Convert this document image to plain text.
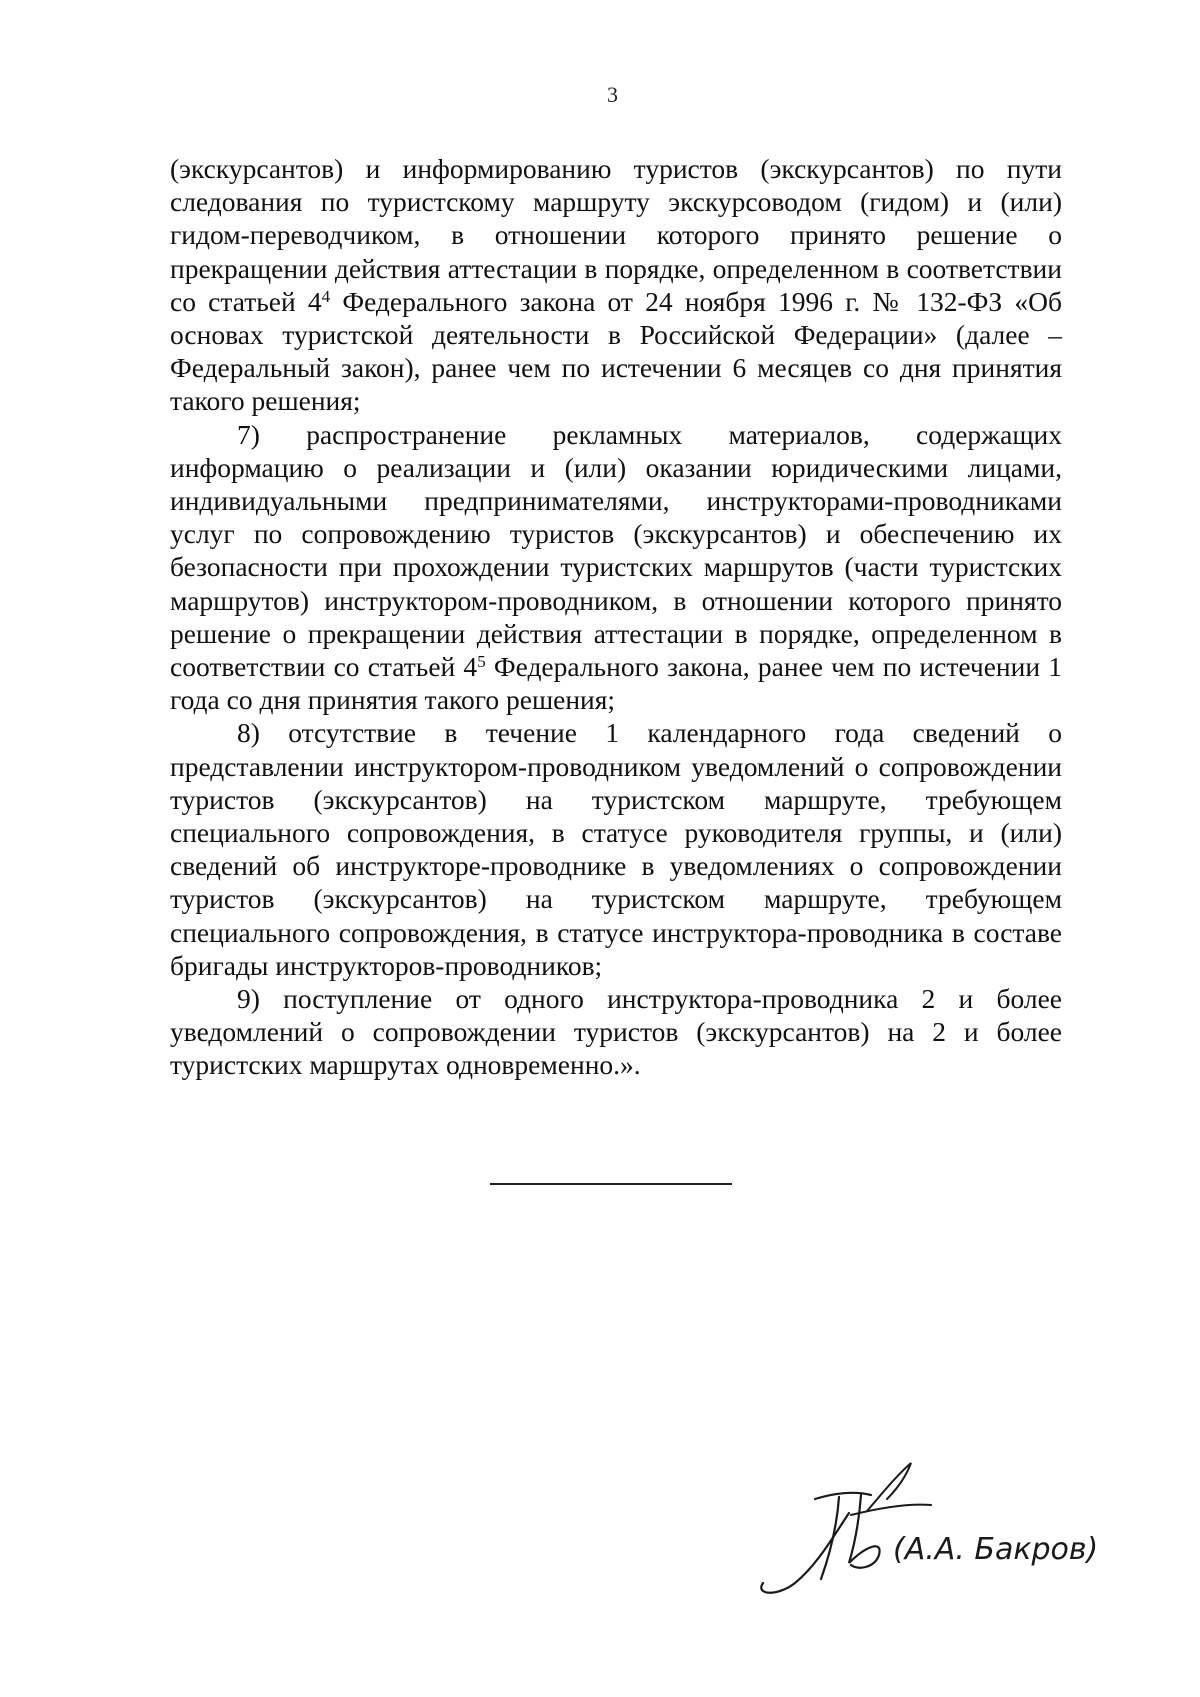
3

(экскурсантов) и информированию туристов (экскурсантов) по пути следования по туристскому маршруту экскурсоводом (гидом) и (или) гидом-переводчиком, в отношении которого принято решение о прекращении действия аттестации в порядке, определенном в соответствии со статьей $4^4$ Федерального закона от 24 ноября 1996 г. № 132-ФЗ «Об основах туристской деятельности в Российской Федерации» (далее – Федеральный закон), ранее чем по истечении 6 месяцев со дня принятия такого решения;

7) распространение рекламных материалов, содержащих информацию о реализации и (или) оказании юридическими лицами, индивидуальными предпринимателями, инструкторами-проводниками услуг по сопровождению туристов (экскурсантов) и обеспечению их безопасности при прохождении туристских маршрутов (части туристских маршрутов) инструктором-проводником, в отношении которого принято решение о прекращении действия аттестации в порядке, определенном в соответствии со статьей $4^5$ Федерального закона, ранее чем по истечении 1 года со дня принятия такого решения;

8) отсутствие в течение 1 календарного года сведений о представлении инструктором-проводником уведомлений о сопровождении туристов (экскурсантов) на туристском маршруте, требующем специального сопровождения, в статусе руководителя группы, и (или) сведений об инструкторе-проводнике в уведомлениях о сопровождении туристов (экскурсантов) на туристском маршруте, требующем специального сопровождения, в статусе инструктора-проводника в составе бригады инструкторов-проводников;

9) поступление от одного инструктора-проводника 2 и более уведомлений о сопровождении туристов (экскурсантов) на 2 и более туристских маршрутах одновременно.».

(А.А. Бакров)
